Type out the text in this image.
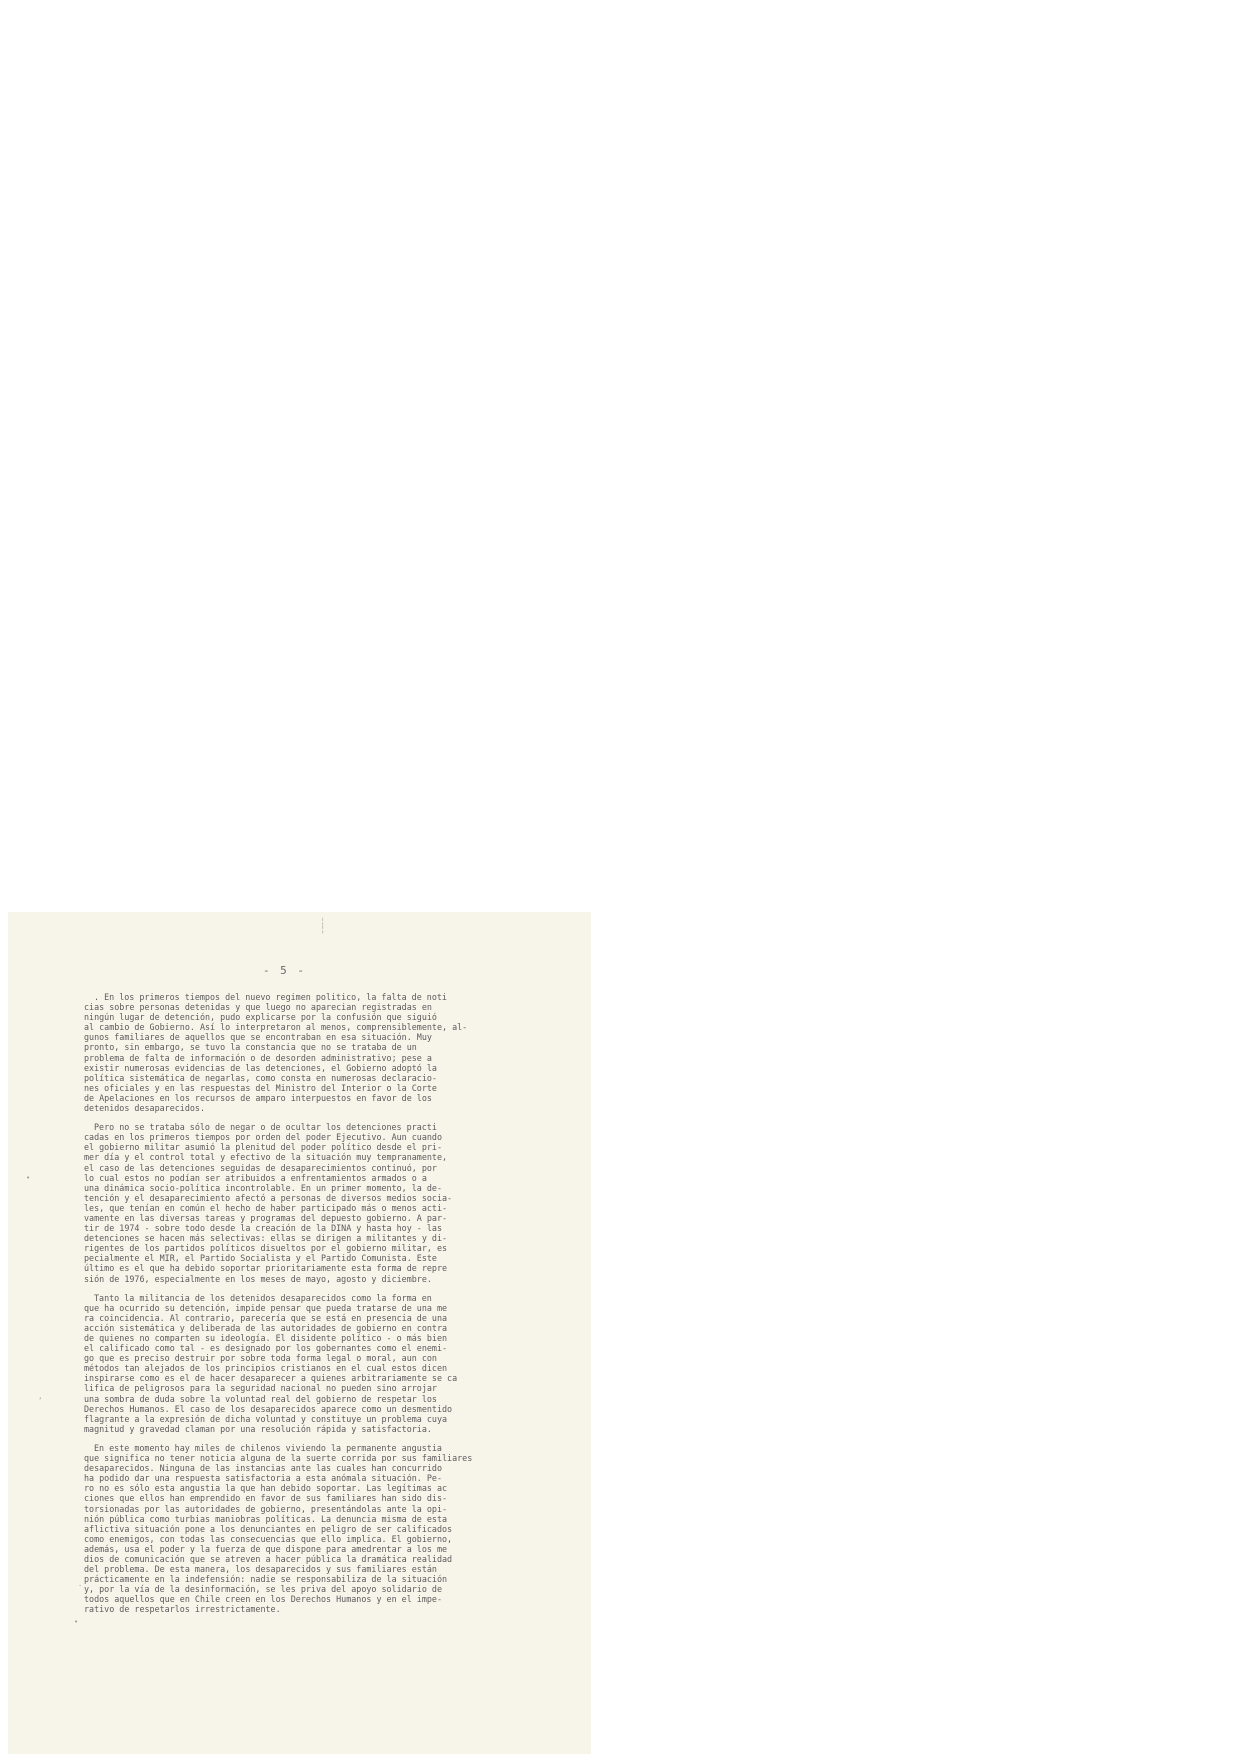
¦
¦
- 5 -

. En los primeros tiempos del nuevo regimen politico, la falta de noti
cias sobre personas detenidas y que luego no aparecian registradas en
ningún lugar de detención, pudo explicarse por la confusión que siguió
al cambio de Gobierno. Así lo interpretaron al menos, comprensiblemente, al-
gunos familiares de aquellos que se encontraban en esa situación. Muy
pronto, sin embargo, se tuvo la constancia que no se trataba de un
problema de falta de información o de desorden administrativo; pese a
existir numerosas evidencias de las detenciones, el Gobierno adoptó la
política sistemática de negarlas, como consta en numerosas declaracio-
nes oficiales y en las respuestas del Ministro del Interior o la Corte
de Apelaciones en los recursos de amparo interpuestos en favor de los
detenidos desaparecidos.

Pero no se trataba sólo de negar o de ocultar los detenciones practi
cadas en los primeros tiempos por orden del poder Ejecutivo. Aun cuando
el gobierno militar asumió la plenitud del poder político desde el pri-
mer día y el control total y efectivo de la situación muy tempranamente,
el caso de las detenciones seguidas de desaparecimientos continuó, por
lo cual estos no podían ser atribuidos a enfrentamientos armados o a
una dinámica socio-política incontrolable. En un primer momento, la de-
tención y el desaparecimiento afectó a personas de diversos medios socia-
les, que tenían en común el hecho de haber participado más o menos acti-
vamente en las diversas tareas y programas del depuesto gobierno. A par-
tir de 1974 - sobre todo desde la creación de la DINA y hasta hoy - las
detenciones se hacen más selectivas: ellas se dirigen a militantes y di-
rigentes de los partidos políticos disueltos por el gobierno militar, es
pecialmente el MIR, el Partido Socialista y el Partido Comunista. Este
último es el que ha debido soportar prioritariamente esta forma de repre
sión de 1976, especialmente en los meses de mayo, agosto y diciembre.

Tanto la militancia de los detenidos desaparecidos como la forma en
que ha ocurrido su detención, impide pensar que pueda tratarse de una me
ra coincidencia. Al contrario, parecería que se está en presencia de una
acción sistemática y deliberada de las autoridades de gobierno en contra
de quienes no comparten su ideología. El disidente político - o más bien
el calificado como tal - es designado por los gobernantes como el enemi-
go que es preciso destruir por sobre toda forma legal o moral, aun con
métodos tan alejados de los principios cristianos en el cual estos dicen
inspirarse como es el de hacer desaparecer a quienes arbitrariamente se ca
lifica de peligrosos para la seguridad nacional no pueden sino arrojar
una sombra de duda sobre la voluntad real del gobierno de respetar los
Derechos Humanos. El caso de los desaparecidos aparece como un desmentido
flagrante a la expresión de dicha voluntad y constituye un problema cuya
magnitud y gravedad claman por una resolución rápida y satisfactoria.

En este momento hay miles de chilenos viviendo la permanente angustia
que significa no tener noticia alguna de la suerte corrida por sus familiares
desaparecidos. Ninguna de las instancias ante las cuales han concurrido
ha podido dar una respuesta satisfactoria a esta anómala situación. Pe-
ro no es sólo esta angustia la que han debido soportar. Las legítimas ac
ciones que ellos han emprendido en favor de sus familiares han sido dis-
torsionadas por las autoridades de gobierno, presentándolas ante la opi-
nión pública como turbias maniobras políticas. La denuncia misma de esta
aflictiva situación pone a los denunciantes en peligro de ser calificados
como enemigos, con todas las consecuencias que ello implica. El gobierno,
además, usa el poder y la fuerza de que dispone para amedrentar a los me
dios de comunicación que se atreven a hacer pública la dramática realidad
del problema. De esta manera, los desaparecidos y sus familiares están
prácticamente en la indefensión: nadie se responsabiliza de la situación
y, por la vía de la desinformación, se les priva del apoyo solidario de
todos aquellos que en Chile creen en los Derechos Humanos y en el impe-
rativo de respetarlos irrestrictamente.

•
ʼ
•
·
